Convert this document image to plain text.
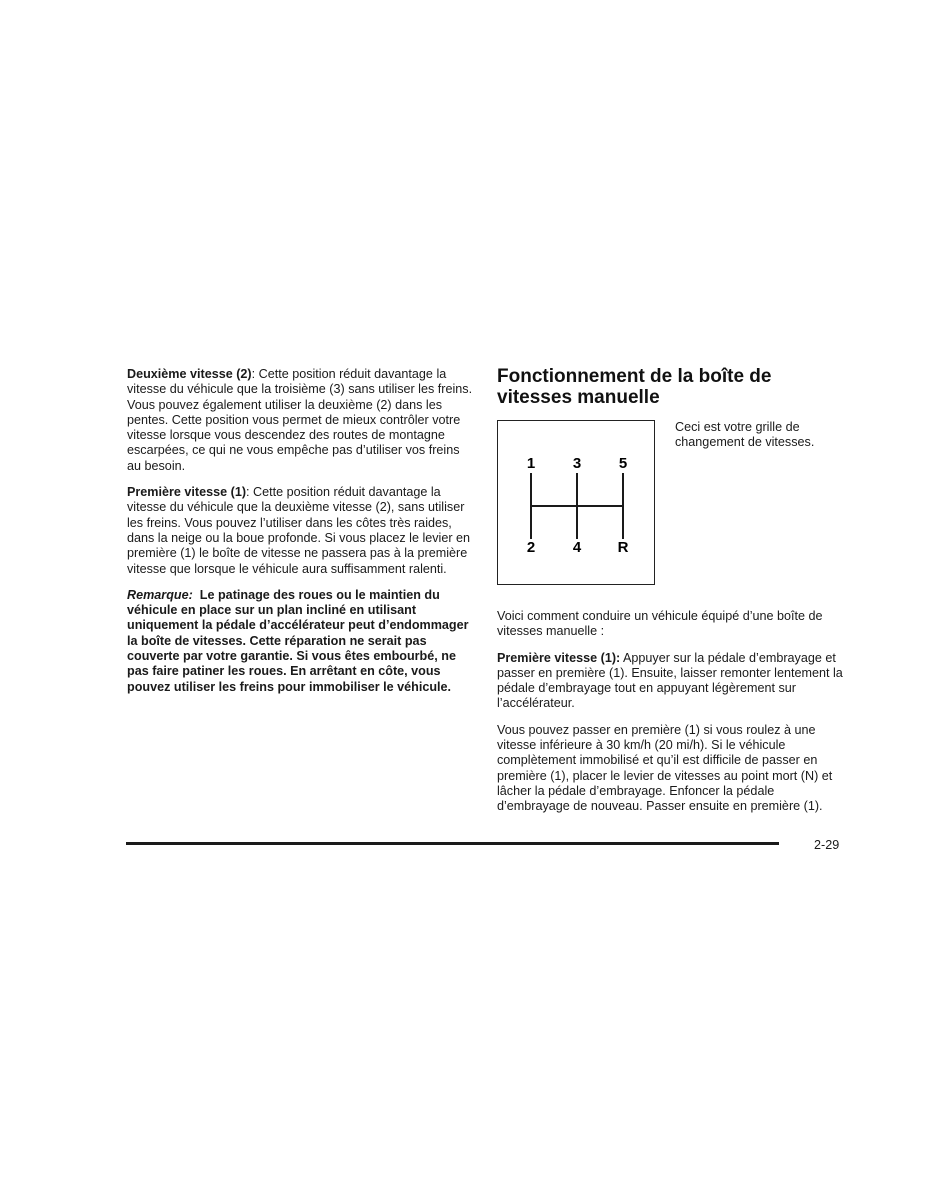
Deuxième vitesse (2): Cette position réduit davantage la vitesse du véhicule que la troisième (3) sans utiliser les freins. Vous pouvez également utiliser la deuxième (2) dans les pentes. Cette position vous permet de mieux contrôler votre vitesse lorsque vous descendez des routes de montagne escarpées, ce qui ne vous empêche pas d’utiliser vos freins au besoin.

Première vitesse (1): Cette position réduit davantage la vitesse du véhicule que la deuxième vitesse (2), sans utiliser les freins. Vous pouvez l’utiliser dans les côtes très raides, dans la neige ou la boue profonde. Si vous placez le levier en première (1) le boîte de vitesse ne passera pas à la première vitesse que lorsque le véhicule aura suffisamment ralenti.

Remarque: Le patinage des roues ou le maintien du véhicule en place sur un plan incliné en utilisant uniquement la pédale d’accélérateur peut d’endommager la boîte de vitesses. Cette réparation ne serait pas couverte par votre garantie. Si vous êtes embourbé, ne pas faire patiner les roues. En arrêtant en côte, vous pouvez utiliser les freins pour immobiliser le véhicule.

Fonctionnement de la boîte de vitesses manuelle
1	3	5
2	4 R

Ceci est votre grille de changement de vitesses.

Voici comment conduire un véhicule équipé d’une boîte de vitesses manuelle :

Première vitesse (1): Appuyer sur la pédale d’embrayage et passer en première (1). Ensuite, laisser remonter lentement la pédale d’embrayage tout en appuyant légèrement sur l’accélérateur.

Vous pouvez passer en première (1) si vous roulez à une vitesse inférieure à 30 km/h (20 mi/h). Si le véhicule complètement immobilisé et qu’il est difficile de passer en première (1), placer le levier de vitesses au point mort (N) et lâcher la pédale d’embrayage. Enfoncer la pédale d’embrayage de nouveau. Passer ensuite en première (1).

2-29
